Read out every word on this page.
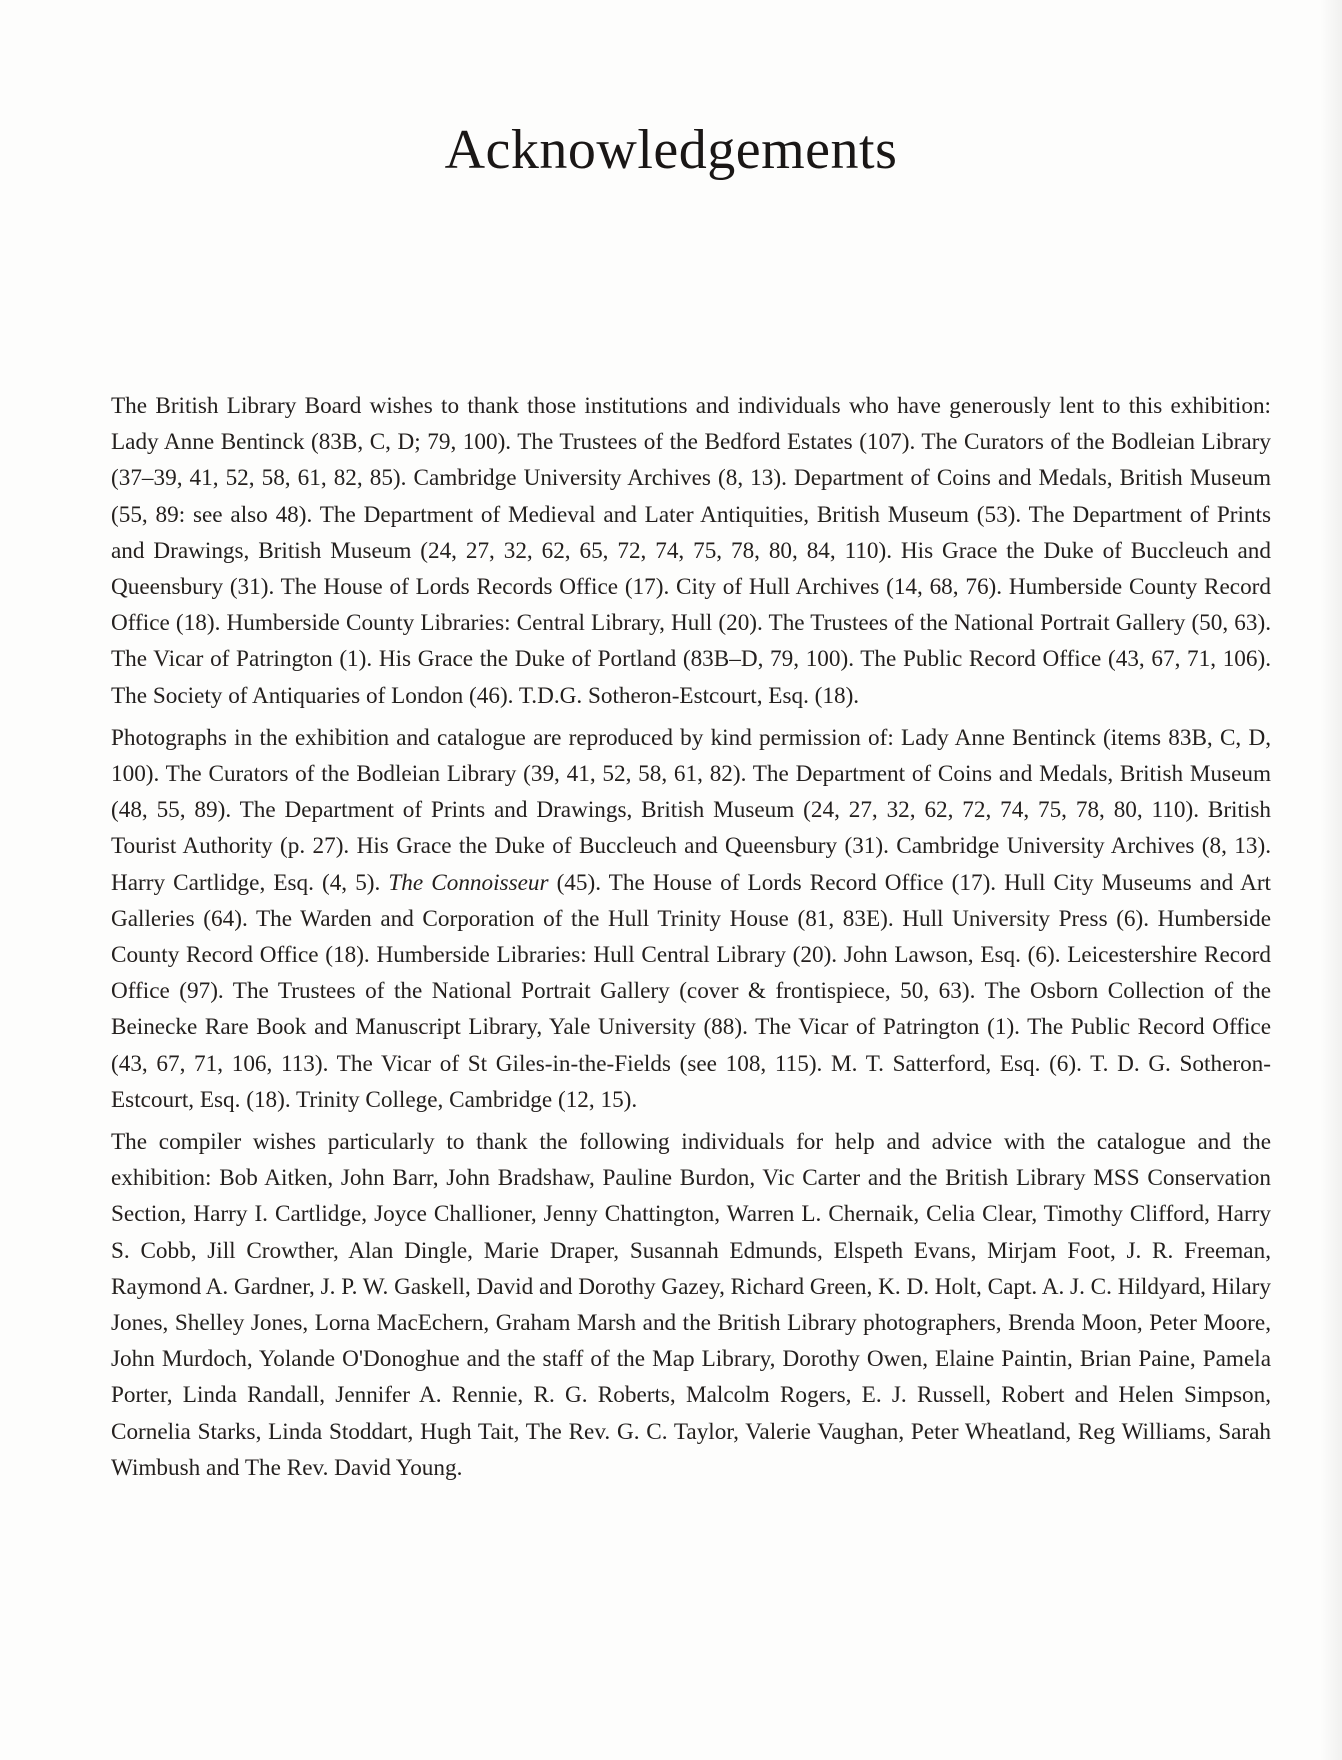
Acknowledgements

The British Library Board wishes to thank those institutions and individuals who have generously lent to this exhibition: Lady Anne Bentinck (83B, C, D; 79, 100). The Trustees of the Bedford Estates (107). The Curators of the Bodleian Library (37–39, 41, 52, 58, 61, 82, 85). Cambridge University Archives (8, 13). Department of Coins and Medals, British Museum (55, 89: see also 48). The Department of Medieval and Later Antiquities, British Museum (53). The Department of Prints and Drawings, British Museum (24, 27, 32, 62, 65, 72, 74, 75, 78, 80, 84, 110). His Grace the Duke of Buccleuch and Queensbury (31). The House of Lords Records Office (17). City of Hull Archives (14, 68, 76). Humberside County Record Office (18). Humberside County Libraries: Central Library, Hull (20). The Trustees of the National Portrait Gallery (50, 63). The Vicar of Patrington (1). His Grace the Duke of Portland (83B–D, 79, 100). The Public Record Office (43, 67, 71, 106). The Society of Antiquaries of London (46). T.D.G. Sotheron-Estcourt, Esq. (18).

Photographs in the exhibition and catalogue are reproduced by kind permission of: Lady Anne Bentinck (items 83B, C, D, 100). The Curators of the Bodleian Library (39, 41, 52, 58, 61, 82). The Department of Coins and Medals, British Museum (48, 55, 89). The Department of Prints and Drawings, British Museum (24, 27, 32, 62, 72, 74, 75, 78, 80, 110). British Tourist Authority (p. 27). His Grace the Duke of Buccleuch and Queensbury (31). Cambridge University Archives (8, 13). Harry Cartlidge, Esq. (4, 5). The Connoisseur (45). The House of Lords Record Office (17). Hull City Museums and Art Galleries (64). The Warden and Corporation of the Hull Trinity House (81, 83E). Hull University Press (6). Humberside County Record Office (18). Humberside Libraries: Hull Central Library (20). John Lawson, Esq. (6). Leicestershire Record Office (97). The Trustees of the National Portrait Gallery (cover & frontispiece, 50, 63). The Osborn Collection of the Beinecke Rare Book and Manuscript Library, Yale University (88). The Vicar of Patrington (1). The Public Record Office (43, 67, 71, 106, 113). The Vicar of St Giles-in-the-Fields (see 108, 115). M. T. Satterford, Esq. (6). T. D. G. Sotheron-Estcourt, Esq. (18). Trinity College, Cambridge (12, 15).

The compiler wishes particularly to thank the following individuals for help and advice with the catalogue and the exhibition: Bob Aitken, John Barr, John Bradshaw, Pauline Burdon, Vic Carter and the British Library MSS Conservation Section, Harry I. Cartlidge, Joyce Challioner, Jenny Chattington, Warren L. Chernaik, Celia Clear, Timothy Clifford, Harry S. Cobb, Jill Crowther, Alan Dingle, Marie Draper, Susannah Edmunds, Elspeth Evans, Mirjam Foot, J. R. Freeman, Raymond A. Gardner, J. P. W. Gaskell, David and Dorothy Gazey, Richard Green, K. D. Holt, Capt. A. J. C. Hildyard, Hilary Jones, Shelley Jones, Lorna MacEchern, Graham Marsh and the British Library photographers, Brenda Moon, Peter Moore, John Murdoch, Yolande O'Donoghue and the staff of the Map Library, Dorothy Owen, Elaine Paintin, Brian Paine, Pamela Porter, Linda Randall, Jennifer A. Rennie, R. G. Roberts, Malcolm Rogers, E. J. Russell, Robert and Helen Simpson, Cornelia Starks, Linda Stoddart, Hugh Tait, The Rev. G. C. Taylor, Valerie Vaughan, Peter Wheatland, Reg Williams, Sarah Wimbush and The Rev. David Young.
